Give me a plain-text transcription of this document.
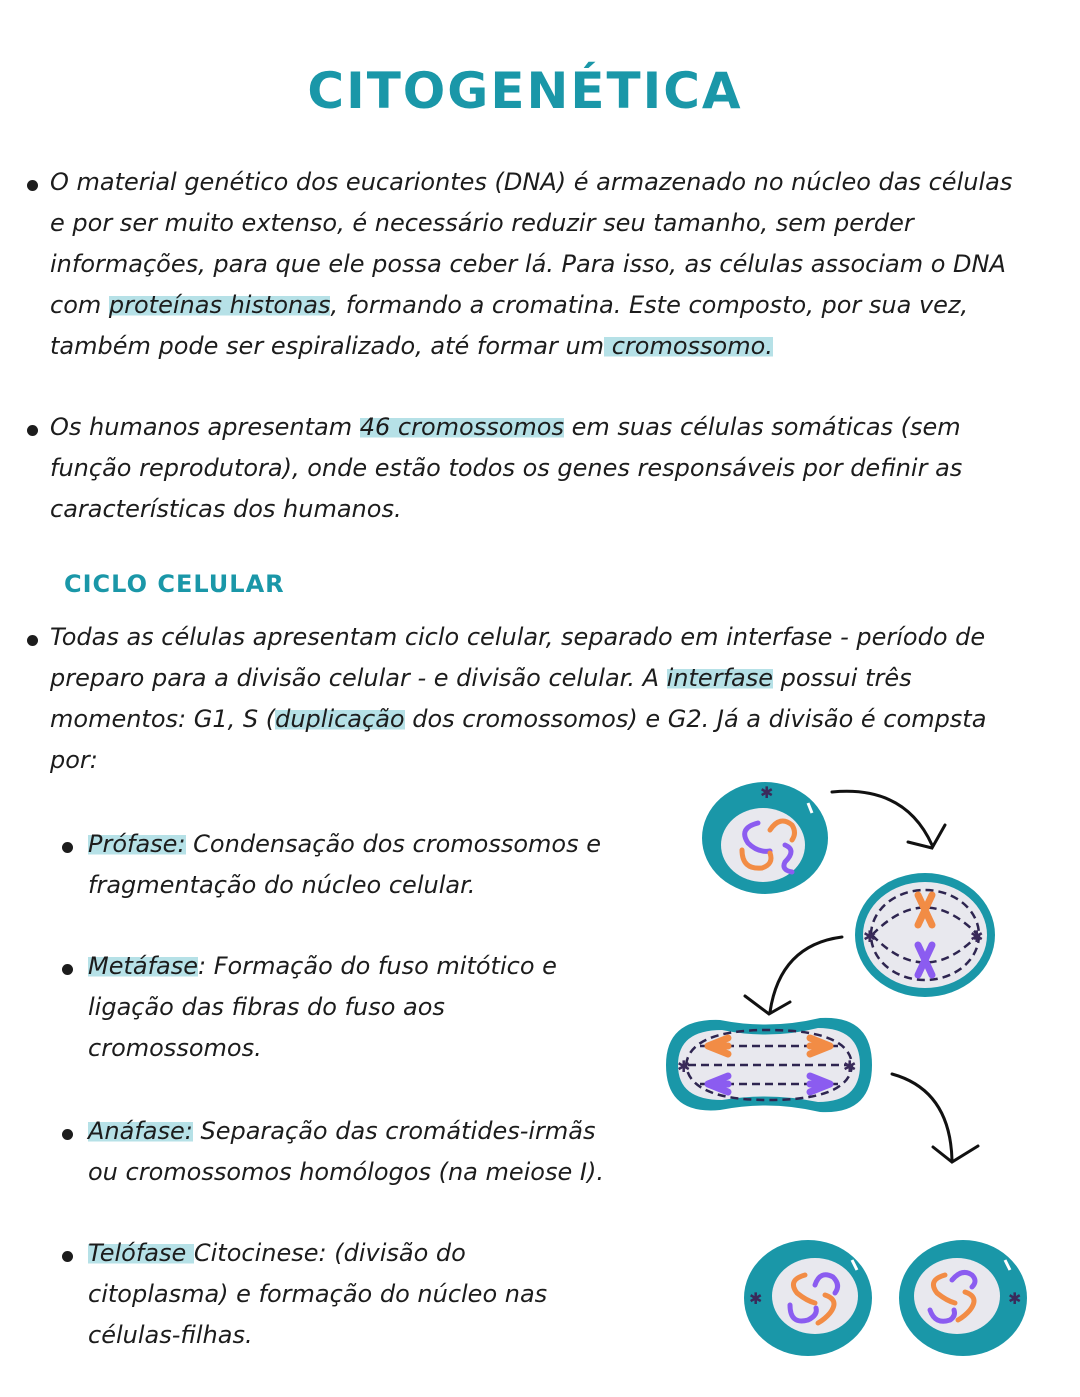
CITOGENÉTICA
O material genético dos eucariontes (DNA) é armazenado no núcleo das células
e por ser muito extenso, é necessário reduzir seu tamanho, sem perder
informações, para que ele possa ceber lá. Para isso, as células associam o DNA
com proteínas histonas, formando a cromatina. Este composto, por sua vez,
também pode ser espiralizado, até formar um cromossomo.
Os humanos apresentam 46 cromossomos em suas células somáticas (sem
função reprodutora), onde estão todos os genes responsáveis por definir as
características dos humanos.
CICLO CELULAR
Todas as células apresentam ciclo celular, separado em interfase - período de
preparo para a divisão celular - e divisão celular. A interfase possui três
momentos: G1, S (duplicação dos cromossomos) e G2. Já a divisão é compsta
por:
Prófase: Condensação dos cromossomos e
fragmentação do núcleo celular.
Metáfase: Formação do fuso mitótico e
ligação das fibras do fuso aos
cromossomos.
Anáfase: Separação das cromátides-irmãs
ou cromossomos homólogos (na meiose I).
Telófase Citocinese: (divisão do
citoplasma) e formação do núcleo nas
células-filhas.
✱
✱	✱
✱	✱
✱	✱
